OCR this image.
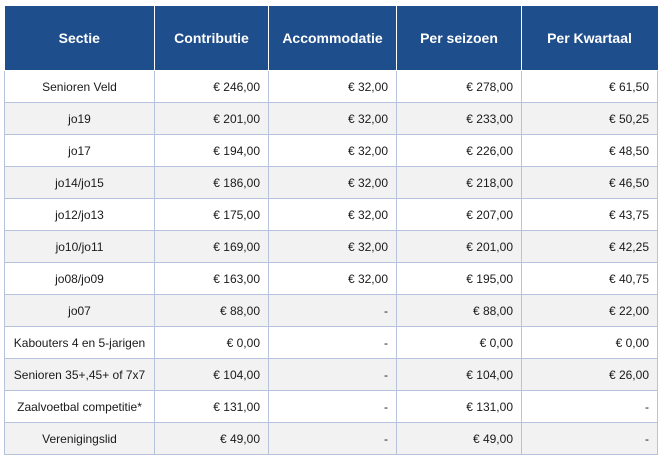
Sectie	Contributie	Accommodatie	Per seizoen	Per Kwartaal
Senioren Veld	€ 246,00	€ 32,00	€ 278,00	€ 61,50
jo19	€ 201,00	€ 32,00	€ 233,00	€ 50,25
jo17	€ 194,00	€ 32,00	€ 226,00	€ 48,50
jo14/jo15	€ 186,00	€ 32,00	€ 218,00	€ 46,50
jo12/jo13	€ 175,00	€ 32,00	€ 207,00	€ 43,75
jo10/jo11	€ 169,00	€ 32,00	€ 201,00	€ 42,25
jo08/jo09	€ 163,00	€ 32,00	€ 195,00	€ 40,75
jo07	€ 88,00	-	€ 88,00	€ 22,00
Kabouters 4 en 5-jarigen	€ 0,00	-	€ 0,00	€ 0,00
Senioren 35+,45+ of 7x7	€ 104,00	-	€ 104,00	€ 26,00
Zaalvoetbal competitie*	€ 131,00	-	€ 131,00	-
Verenigingslid	€ 49,00	-	€ 49,00	-
